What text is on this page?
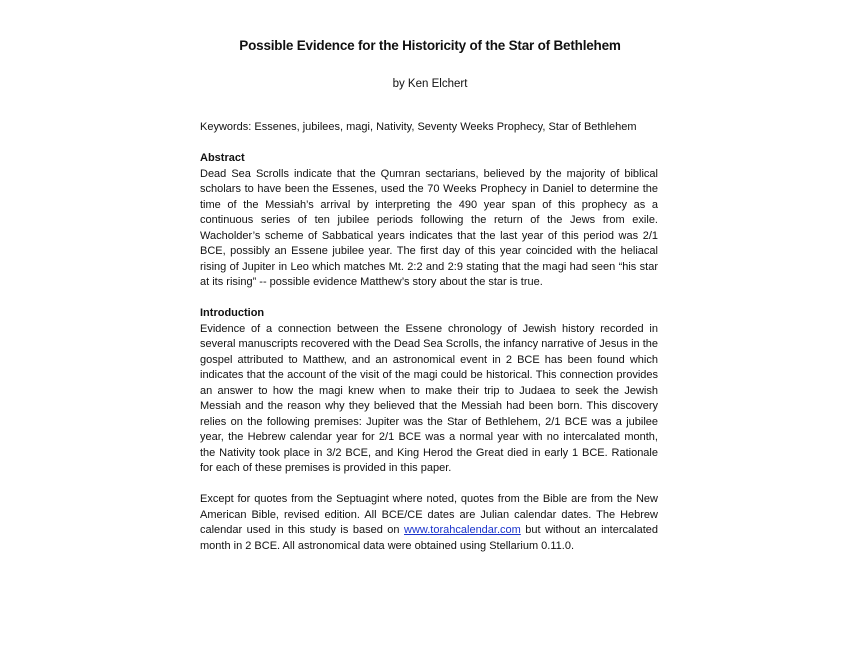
Possible Evidence for the Historicity of the Star of Bethlehem
by Ken Elchert

Keywords: Essenes, jubilees, magi, Nativity, Seventy Weeks Prophecy, Star of Bethlehem

Abstract

Dead Sea Scrolls indicate that the Qumran sectarians, believed by the majority of biblical scholars to have been the Essenes, used the 70 Weeks Prophecy in Daniel to determine the time of the Messiah’s arrival by interpreting the 490 year span of this prophecy as a continuous series of ten jubilee periods following the return of the Jews from exile. Wacholder’s scheme of Sabbatical years indicates that the last year of this period was 2/1 BCE, possibly an Essene jubilee year. The first day of this year coincided with the heliacal rising of Jupiter in Leo which matches Mt. 2:2 and 2:9 stating that the magi had seen “his star at its rising” -- possible evidence Matthew’s story about the star is true.

Introduction

Evidence of a connection between the Essene chronology of Jewish history recorded in several manuscripts recovered with the Dead Sea Scrolls, the infancy narrative of Jesus in the gospel attributed to Matthew, and an astronomical event in 2 BCE has been found which indicates that the account of the visit of the magi could be historical. This connection provides an answer to how the magi knew when to make their trip to Judaea to seek the Jewish Messiah and the reason why they believed that the Messiah had been born. This discovery relies on the following premises: Jupiter was the Star of Bethlehem, 2/1 BCE was a jubilee year, the Hebrew calendar year for 2/1 BCE was a normal year with no intercalated month, the Nativity took place in 3/2 BCE, and King Herod the Great died in early 1 BCE. Rationale for each of these premises is provided in this paper.

Except for quotes from the Septuagint where noted, quotes from the Bible are from the New American Bible, revised edition. All BCE/CE dates are Julian calendar dates. The Hebrew calendar used in this study is based on www.torahcalendar.com but without an intercalated month in 2 BCE. All astronomical data were obtained using Stellarium 0.11.0.
